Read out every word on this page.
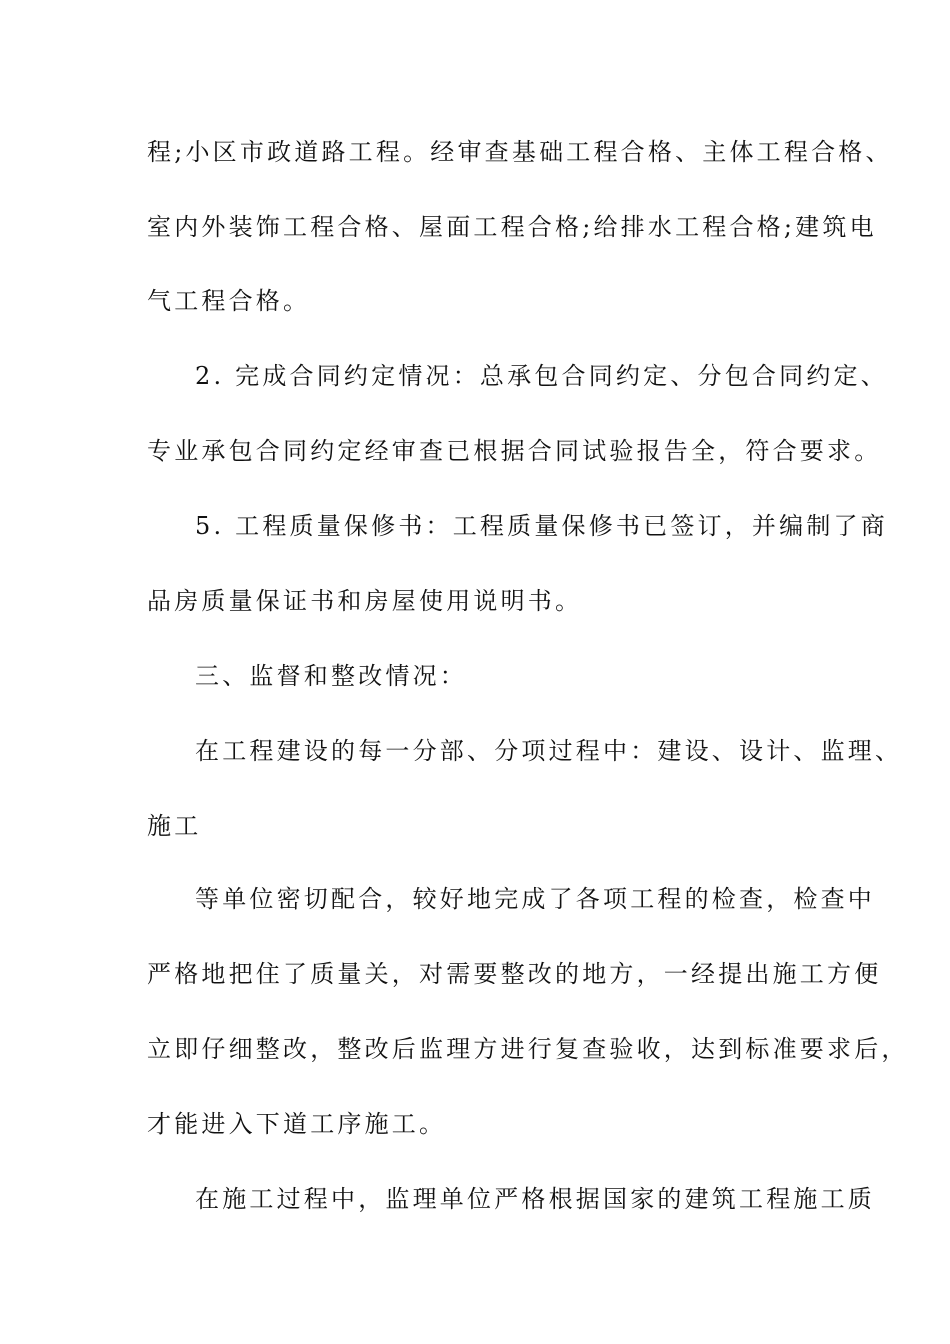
程;小区市政道路工程。经审查基础工程合格、主体工程合格、
室内外装饰工程合格、屋面工程合格;给排水工程合格;建筑电
气工程合格。
2. 完成合同约定情况：总承包合同约定、分包合同约定、
专业承包合同约定经审查已根据合同试验报告全，符合要求。
5. 工程质量保修书：工程质量保修书已签订，并编制了商
品房质量保证书和房屋使用说明书。
三、监督和整改情况：
在工程建设的每一分部、分项过程中：建设、设计、监理、
施工
等单位密切配合，较好地完成了各项工程的检查，检查中
严格地把住了质量关，对需要整改的地方，一经提出施工方便
立即仔细整改，整改后监理方进行复查验收，达到标准要求后，
才能进入下道工序施工。
在施工过程中，监理单位严格根据国家的建筑工程施工质
